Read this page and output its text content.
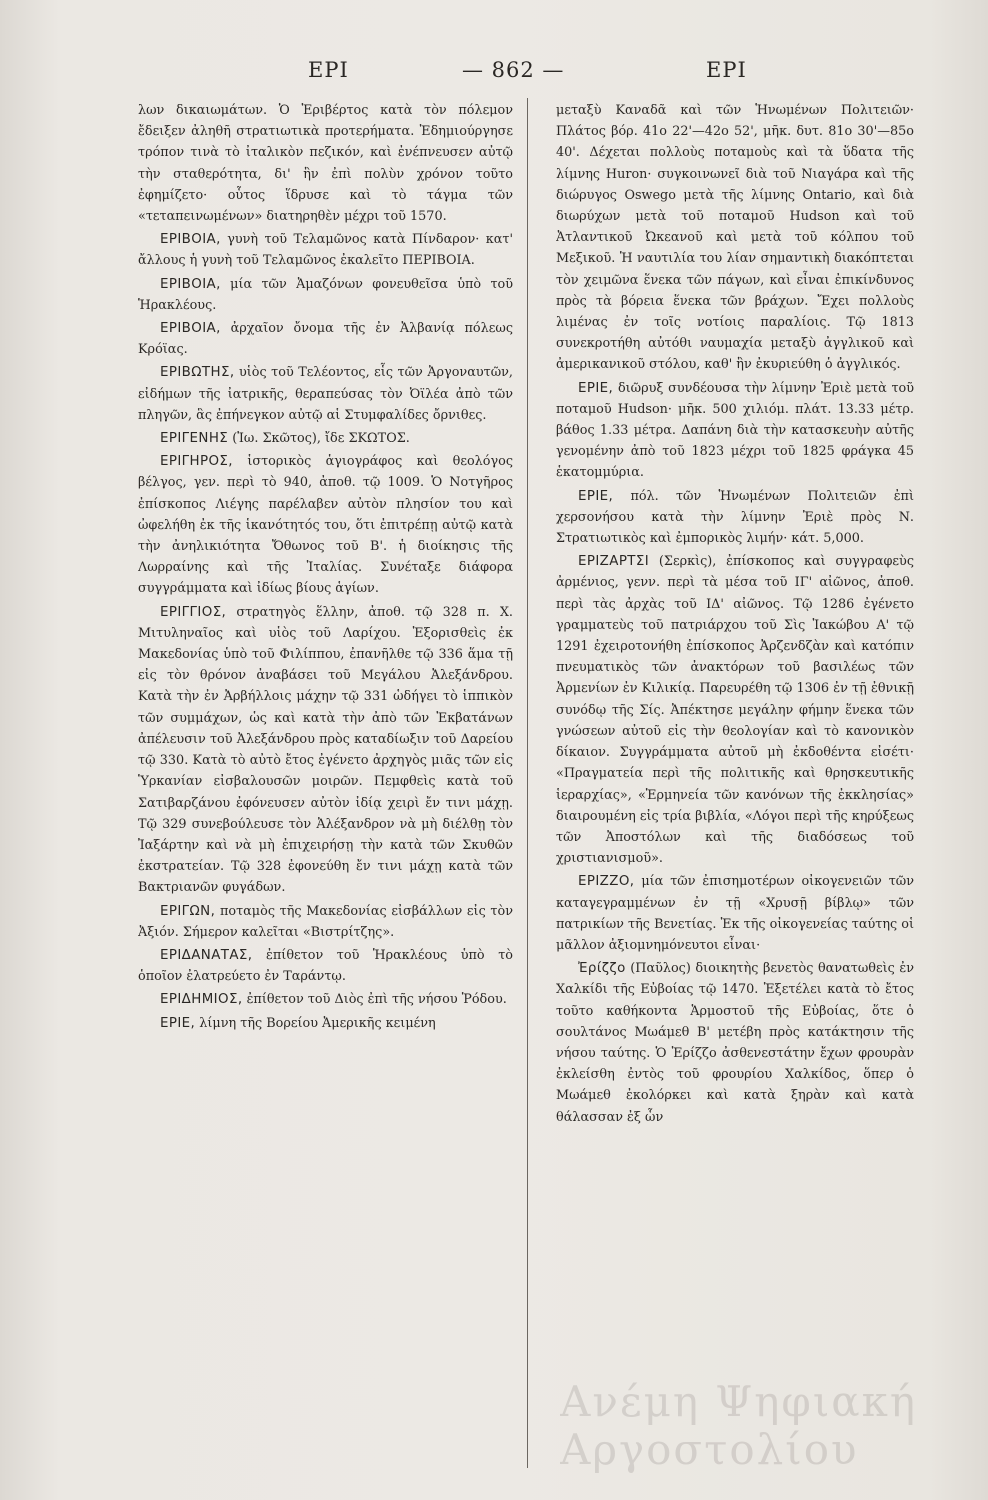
ΕΡΙ	— 862 —	ΕΡΙ

λων δικαιωμάτων. Ὁ Ἐριβέρτος κατὰ τὸν πόλεμον ἔδειξεν ἀληθῆ στρατιωτικὰ προτερήματα. Ἐδημιούργησε τρόπον τινὰ τὸ ἰταλικὸν πεζικόν, καὶ ἐνέπνευσεν αὐτῷ τὴν σταθερότητα, δι' ἣν ἐπὶ πολὺν χρόνον τοῦτο ἐφημίζετο· οὗτος ἵδρυσε καὶ τὸ τάγμα τῶν «τεταπεινωμένων» διατηρηθὲν μέχρι τοῦ 1570.

ΕΡΙΒΟΙΑ, γυνὴ τοῦ Τελαμῶνος κατὰ Πίνδαρον· κατ' ἄλλους ἡ γυνὴ τοῦ Τελαμῶνος ἐκαλεῖτο ΠΕΡΙΒΟΙΑ.

ΕΡΙΒΟΙΑ, μία τῶν Ἀμαζόνων φονευθεῖσα ὑπὸ τοῦ Ἡρακλέους.

ΕΡΙΒΟΙΑ, ἀρχαῖον ὄνομα τῆς ἐν Ἀλβανίᾳ πόλεως Κρόϊας.

ΕΡΙΒΩΤΗΣ, υἱὸς τοῦ Τελέοντος, εἷς τῶν Ἀργοναυτῶν, εἰδήμων τῆς ἰατρικῆς, θεραπεύσας τὸν Ὀϊλέα ἀπὸ τῶν πληγῶν, ἃς ἐπήνεγκον αὐτῷ αἱ Στυμφαλίδες ὄρνιθες.

ΕΡΙΓΕΝΗΣ (Ἰω. Σκῶτος), ἴδε ΣΚΩΤΟΣ.

ΕΡΙΓΗΡΟΣ, ἱστορικὸς ἁγιογράφος καὶ θεολόγος βέλγος, γεν. περὶ τὸ 940, ἀποθ. τῷ 1009. Ὁ Νοτγῆρος ἐπίσκοπος Λιέγης παρέλαβεν αὐτὸν πλησίον του καὶ ὠφελήθη ἐκ τῆς ἱκανότητός του, ὅτι ἐπιτρέπῃ αὐτῷ κατὰ τὴν ἀνηλικιότητα Ὄθωνος τοῦ Β'. ἡ διοίκησις τῆς Λωρραίνης καὶ τῆς Ἰταλίας. Συνέταξε διάφορα συγγράμματα καὶ ἰδίως βίους ἁγίων.

ΕΡΙΓΓΙΟΣ, στρατηγὸς ἕλλην, ἀποθ. τῷ 328 π. Χ. Μιτυληναῖος καὶ υἱὸς τοῦ Λαρίχου. Ἐξορισθεὶς ἐκ Μακεδονίας ὑπὸ τοῦ Φιλίππου, ἐπανῆλθε τῷ 336 ἅμα τῇ εἰς τὸν θρόνον ἀναβάσει τοῦ Μεγάλου Ἀλεξάνδρου. Κατὰ τὴν ἐν Ἀρβήλλοις μάχην τῷ 331 ὡδήγει τὸ ἱππικὸν τῶν συμμάχων, ὡς καὶ κατὰ τὴν ἀπὸ τῶν Ἐκβατάνων ἀπέλευσιν τοῦ Ἀλεξάνδρου πρὸς καταδίωξιν τοῦ Δαρείου τῷ 330. Κατὰ τὸ αὐτὸ ἔτος ἐγένετο ἀρχηγὸς μιᾶς τῶν εἰς Ὑρκανίαν εἰσβαλουσῶν μοιρῶν. Πεμφθεὶς κατὰ τοῦ Σατιβαρζάνου ἐφόνευσεν αὐτὸν ἰδίᾳ χειρὶ ἔν τινι μάχῃ. Τῷ 329 συνεβούλευσε τὸν Ἀλέξανδρον νὰ μὴ διέλθῃ τὸν Ἰαξάρτην καὶ νὰ μὴ ἐπιχειρήσῃ τὴν κατὰ τῶν Σκυθῶν ἐκστρατείαν. Τῷ 328 ἐφονεύθη ἔν τινι μάχῃ κατὰ τῶν Βακτριανῶν φυγάδων.

ΕΡΙΓΩΝ, ποταμὸς τῆς Μακεδονίας εἰσβάλλων εἰς τὸν Ἀξιόν. Σήμερον καλεῖται «Βιστρίτζης».

ΕΡΙΔΑΝΑΤΑΣ, ἐπίθετον τοῦ Ἡρακλέους ὑπὸ τὸ ὁποῖον ἐλατρεύετο ἐν Ταράντῳ.

ΕΡΙΔΗΜΙΟΣ, ἐπίθετον τοῦ Διὸς ἐπὶ τῆς νήσου Ῥόδου.

ΕΡΙΕ, λίμνη τῆς Βορείου Ἀμερικῆς κειμένη

μεταξὺ Καναδᾶ καὶ τῶν Ἡνωμένων Πολιτειῶν· Πλάτος βόρ. 41ο 22'—42ο 52', μῆκ. δυτ. 81ο 30'—85ο 40'. Δέχεται πολλοὺς ποταμοὺς καὶ τὰ ὕδατα τῆς λίμνης Huron· συγκοινωνεῖ διὰ τοῦ Νιαγάρα καὶ τῆς διώρυγος Oswego μετὰ τῆς λίμνης Ontario, καὶ διὰ διωρύχων μετὰ τοῦ ποταμοῦ Hudson καὶ τοῦ Ἀτλαντικοῦ Ὠκεανοῦ καὶ μετὰ τοῦ κόλπου τοῦ Μεξικοῦ. Ἡ ναυτιλία του λίαν σημαντικὴ διακόπτεται τὸν χειμῶνα ἕνεκα τῶν πάγων, καὶ εἶναι ἐπικίνδυνος πρὸς τὰ βόρεια ἕνεκα τῶν βράχων. Ἔχει πολλοὺς λιμένας ἐν τοῖς νοτίοις παραλίοις. Τῷ 1813 συνεκροτήθη αὐτόθι ναυμαχία μεταξὺ ἀγγλικοῦ καὶ ἀμερικανικοῦ στόλου, καθ' ἣν ἐκυριεύθη ὁ ἀγγλικός.

ΕΡΙΕ, διῶρυξ συνδέουσα τὴν λίμνην Ἐριὲ μετὰ τοῦ ποταμοῦ Hudson· μῆκ. 500 χιλιόμ. πλάτ. 13.33 μέτρ. βάθος 1.33 μέτρα. Δαπάνη διὰ τὴν κατασκευὴν αὐτῆς γενομένην ἀπὸ τοῦ 1823 μέχρι τοῦ 1825 φράγκα 45 ἑκατομμύρια.

ΕΡΙΕ, πόλ. τῶν Ἡνωμένων Πολιτειῶν ἐπὶ χερσονήσου κατὰ τὴν λίμνην Ἐριὲ πρὸς Ν. Στρατιωτικὸς καὶ ἐμπορικὸς λιμήν· κάτ. 5,000.

ΕΡΙΖΑΡΤΣΙ (Σερκὶς), ἐπίσκοπος καὶ συγγραφεὺς ἀρμένιος, γενν. περὶ τὰ μέσα τοῦ ΙΓ' αἰῶνος, ἀποθ. περὶ τὰς ἀρχὰς τοῦ ΙΔ' αἰῶνος. Τῷ 1286 ἐγένετο γραμματεὺς τοῦ πατριάρχου τοῦ Σὶς Ἰακώβου Α' τῷ 1291 ἐχειροτονήθη ἐπίσκοπος Ἀρζενδζὰν καὶ κατόπιν πνευματικὸς τῶν ἀνακτόρων τοῦ βασιλέως τῶν Ἀρμενίων ἐν Κιλικίᾳ. Παρευρέθη τῷ 1306 ἐν τῇ ἐθνικῇ συνόδῳ τῆς Σίς. Ἀπέκτησε μεγάλην φήμην ἕνεκα τῶν γνώσεων αὐτοῦ εἰς τὴν θεολογίαν καὶ τὸ κανονικὸν δίκαιον. Συγγράμματα αὐτοῦ μὴ ἐκδοθέντα εἰσέτι· «Πραγματεία περὶ τῆς πολιτικῆς καὶ θρησκευτικῆς ἱεραρχίας», «Ἑρμηνεία τῶν κανόνων τῆς ἐκκλησίας» διαιρουμένη εἰς τρία βιβλία, «Λόγοι περὶ τῆς κηρύξεως τῶν Ἀποστόλων καὶ τῆς διαδόσεως τοῦ χριστιανισμοῦ».

ΕΡΙΖΖΟ, μία τῶν ἐπισημοτέρων οἰκογενειῶν τῶν καταγεγραμμένων ἐν τῇ «Χρυσῇ βίβλῳ» τῶν πατρικίων τῆς Βενετίας. Ἐκ τῆς οἰκογενείας ταύτης οἱ μᾶλλον ἀξιομνημόνευτοι εἶναι·

Ἐρίζζο (Παῦλος) διοικητὴς βενετὸς θανατωθεὶς ἐν Χαλκίδι τῆς Εὐβοίας τῷ 1470. Ἐξετέλει κατὰ τὸ ἔτος τοῦτο καθήκοντα Ἁρμοστοῦ τῆς Εὐβοίας, ὅτε ὁ σουλτάνος Μωάμεθ Β' μετέβη πρὸς κατάκτησιν τῆς νήσου ταύτης. Ὁ Ἐρίζζο ἀσθενεστάτην ἔχων φρουρὰν ἐκλείσθη ἐντὸς τοῦ φρουρίου Χαλκίδος, ὅπερ ὁ Μωάμεθ ἐκολόρκει καὶ κατὰ ξηρὰν καὶ κατὰ θάλασσαν ἐξ ὧν

Ανέμη Ψηφιακή
Αργοστολίου
